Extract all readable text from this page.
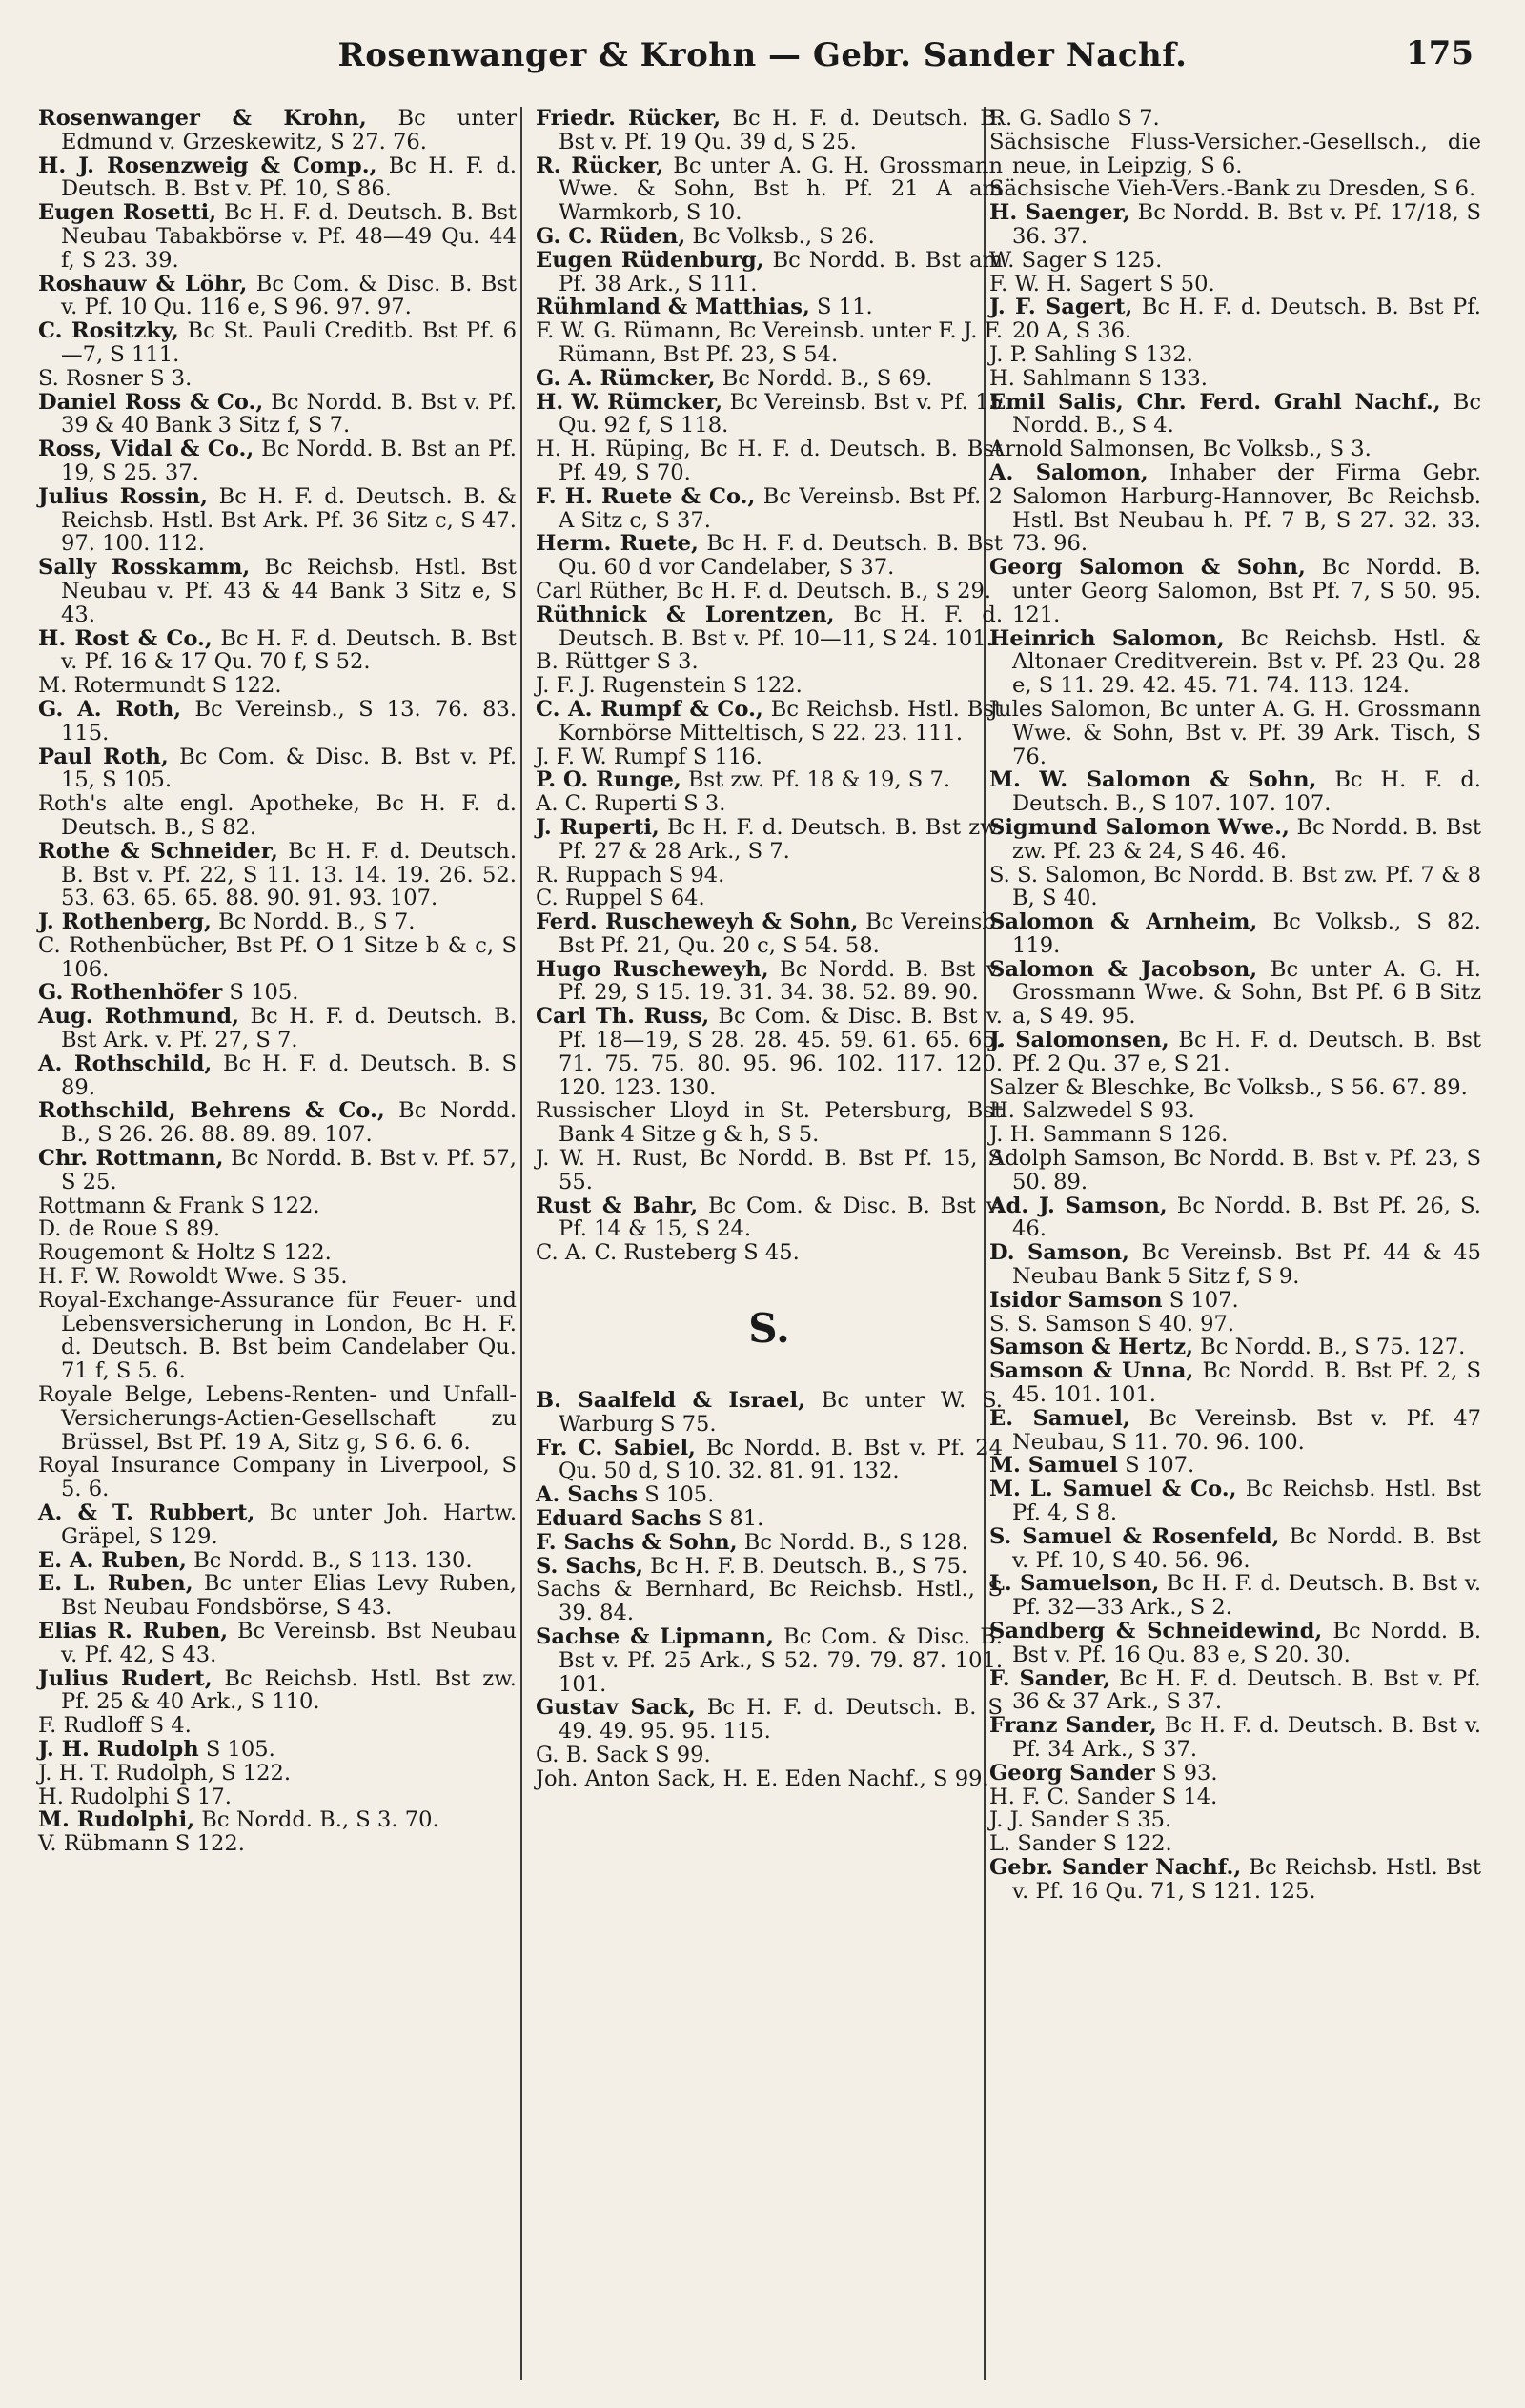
Rosenwanger & Krohn — Gebr. Sander Nachf.	175

Rosenwanger & Krohn, Bc unter Edmund v. Grzeskewitz, S 27. 76.

H. J. Rosenzweig & Comp., Bc H. F. d. Deutsch. B. Bst v. Pf. 10, S 86.

Eugen Rosetti, Bc H. F. d. Deutsch. B. Bst Neubau Tabakbörse v. Pf. 48—49 Qu. 44 f, S 23. 39.

Roshauw & Löhr, Bc Com. & Disc. B. Bst v. Pf. 10 Qu. 116 e, S 96. 97. 97.

C. Rositzky, Bc St. Pauli Creditb. Bst Pf. 6—7, S 111.

S. Rosner S 3.

Daniel Ross & Co., Bc Nordd. B. Bst v. Pf. 39 & 40 Bank 3 Sitz f, S 7.

Ross, Vidal & Co., Bc Nordd. B. Bst an Pf. 19, S 25. 37.

Julius Rossin, Bc H. F. d. Deutsch. B. & Reichsb. Hstl. Bst Ark. Pf. 36 Sitz c, S 47. 97. 100. 112.

Sally Rosskamm, Bc Reichsb. Hstl. Bst Neubau v. Pf. 43 & 44 Bank 3 Sitz e, S 43.

H. Rost & Co., Bc H. F. d. Deutsch. B. Bst v. Pf. 16 & 17 Qu. 70 f, S 52.

M. Rotermundt S 122.

G. A. Roth, Bc Vereinsb., S 13. 76. 83. 115.

Paul Roth, Bc Com. & Disc. B. Bst v. Pf. 15, S 105.

Roth's alte engl. Apotheke, Bc H. F. d. Deutsch. B., S 82.

Rothe & Schneider, Bc H. F. d. Deutsch. B. Bst v. Pf. 22, S 11. 13. 14. 19. 26. 52. 53. 63. 65. 65. 88. 90. 91. 93. 107.

J. Rothenberg, Bc Nordd. B., S 7.

C. Rothenbücher, Bst Pf. O 1 Sitze b & c, S 106.

G. Rothenhöfer S 105.

Aug. Rothmund, Bc H. F. d. Deutsch. B. Bst Ark. v. Pf. 27, S 7.

A. Rothschild, Bc H. F. d. Deutsch. B. S 89.

Rothschild, Behrens & Co., Bc Nordd. B., S 26. 26. 88. 89. 89. 107.

Chr. Rottmann, Bc Nordd. B. Bst v. Pf. 57, S 25.

Rottmann & Frank S 122.

D. de Roue S 89.

Rougemont & Holtz S 122.

H. F. W. Rowoldt Wwe. S 35.

Royal-Exchange-Assurance für Feuer- und Lebensversicherung in London, Bc H. F. d. Deutsch. B. Bst beim Candelaber Qu. 71 f, S 5. 6.

Royale Belge, Lebens-Renten- und Unfall-Versicherungs-Actien-Gesellschaft zu Brüssel, Bst Pf. 19 A, Sitz g, S 6. 6. 6.

Royal Insurance Company in Liverpool, S 5. 6.

A. & T. Rubbert, Bc unter Joh. Hartw. Gräpel, S 129.

E. A. Ruben, Bc Nordd. B., S 113. 130.

E. L. Ruben, Bc unter Elias Levy Ruben, Bst Neubau Fondsbörse, S 43.

Elias R. Ruben, Bc Vereinsb. Bst Neubau v. Pf. 42, S 43.

Julius Rudert, Bc Reichsb. Hstl. Bst zw. Pf. 25 & 40 Ark., S 110.

F. Rudloff S 4.

J. H. Rudolph S 105.

J. H. T. Rudolph, S 122.

H. Rudolphi S 17.

M. Rudolphi, Bc Nordd. B., S 3. 70.

V. Rübmann S 122.

Friedr. Rücker, Bc H. F. d. Deutsch. B. Bst v. Pf. 19 Qu. 39 d, S 25.

R. Rücker, Bc unter A. G. H. Grossmann Wwe. & Sohn, Bst h. Pf. 21 A am Warmkorb, S 10.

G. C. Rüden, Bc Volksb., S 26.

Eugen Rüdenburg, Bc Nordd. B. Bst am Pf. 38 Ark., S 111.

Rühmland & Matthias, S 11.

F. W. G. Rümann, Bc Vereinsb. unter F. J. F. Rümann, Bst Pf. 23, S 54.

G. A. Rümcker, Bc Nordd. B., S 69.

H. W. Rümcker, Bc Vereinsb. Bst v. Pf. 15 Qu. 92 f, S 118.

H. H. Rüping, Bc H. F. d. Deutsch. B. Bst Pf. 49, S 70.

F. H. Ruete & Co., Bc Vereinsb. Bst Pf. 2 A Sitz c, S 37.

Herm. Ruete, Bc H. F. d. Deutsch. B. Bst Qu. 60 d vor Candelaber, S 37.

Carl Rüther, Bc H. F. d. Deutsch. B., S 29.

Rüthnick & Lorentzen, Bc H. F. d. Deutsch. B. Bst v. Pf. 10—11, S 24. 101.

B. Rüttger S 3.

J. F. J. Rugenstein S 122.

C. A. Rumpf & Co., Bc Reichsb. Hstl. Bst Kornbörse Mitteltisch, S 22. 23. 111.

J. F. W. Rumpf S 116.

P. O. Runge, Bst zw. Pf. 18 & 19, S 7.

A. C. Ruperti S 3.

J. Ruperti, Bc H. F. d. Deutsch. B. Bst zw. Pf. 27 & 28 Ark., S 7.

R. Ruppach S 94.

C. Ruppel S 64.

Ferd. Ruscheweyh & Sohn, Bc Vereinsb. Bst Pf. 21, Qu. 20 c, S 54. 58.

Hugo Ruscheweyh, Bc Nordd. B. Bst v. Pf. 29, S 15. 19. 31. 34. 38. 52. 89. 90.

Carl Th. Russ, Bc Com. & Disc. B. Bst v. Pf. 18—19, S 28. 28. 45. 59. 61. 65. 65. 71. 75. 75. 80. 95. 96. 102. 117. 120. 120. 123. 130.

Russischer Lloyd in St. Petersburg, Bst Bank 4 Sitze g & h, S 5.

J. W. H. Rust, Bc Nordd. B. Bst Pf. 15, S 55.

Rust & Bahr, Bc Com. & Disc. B. Bst v. Pf. 14 & 15, S 24.

C. A. C. Rusteberg S 45.

S.

B. Saalfeld & Israel, Bc unter W. S. Warburg S 75.

Fr. C. Sabiel, Bc Nordd. B. Bst v. Pf. 24 Qu. 50 d, S 10. 32. 81. 91. 132.

A. Sachs S 105.

Eduard Sachs S 81.

F. Sachs & Sohn, Bc Nordd. B., S 128.

S. Sachs, Bc H. F. B. Deutsch. B., S 75.

Sachs & Bernhard, Bc Reichsb. Hstl., S 39. 84.

Sachse & Lipmann, Bc Com. & Disc. B. Bst v. Pf. 25 Ark., S 52. 79. 79. 87. 101. 101.

Gustav Sack, Bc H. F. d. Deutsch. B. S 49. 49. 95. 95. 115.

G. B. Sack S 99.

Joh. Anton Sack, H. E. Eden Nachf., S 99.

R. G. Sadlo S 7.

Sächsische Fluss-Versicher.-Gesellsch., die neue, in Leipzig, S 6.

Sächsische Vieh-Vers.-Bank zu Dresden, S 6.

H. Saenger, Bc Nordd. B. Bst v. Pf. 17/18, S 36. 37.

W. Sager S 125.

F. W. H. Sagert S 50.

J. F. Sagert, Bc H. F. d. Deutsch. B. Bst Pf. 20 A, S 36.

J. P. Sahling S 132.

H. Sahlmann S 133.

Emil Salis, Chr. Ferd. Grahl Nachf., Bc Nordd. B., S 4.

Arnold Salmonsen, Bc Volksb., S 3.

A. Salomon, Inhaber der Firma Gebr. Salomon Harburg-Hannover, Bc Reichsb. Hstl. Bst Neubau h. Pf. 7 B, S 27. 32. 33. 73. 96.

Georg Salomon & Sohn, Bc Nordd. B. unter Georg Salomon, Bst Pf. 7, S 50. 95. 121.

Heinrich Salomon, Bc Reichsb. Hstl. & Altonaer Creditverein. Bst v. Pf. 23 Qu. 28 e, S 11. 29. 42. 45. 71. 74. 113. 124.

Jules Salomon, Bc unter A. G. H. Grossmann Wwe. & Sohn, Bst v. Pf. 39 Ark. Tisch, S 76.

M. W. Salomon & Sohn, Bc H. F. d. Deutsch. B., S 107. 107. 107.

Sigmund Salomon Wwe., Bc Nordd. B. Bst zw. Pf. 23 & 24, S 46. 46.

S. S. Salomon, Bc Nordd. B. Bst zw. Pf. 7 & 8 B, S 40.

Salomon & Arnheim, Bc Volksb., S 82. 119.

Salomon & Jacobson, Bc unter A. G. H. Grossmann Wwe. & Sohn, Bst Pf. 6 B Sitz a, S 49. 95.

J. Salomonsen, Bc H. F. d. Deutsch. B. Bst Pf. 2 Qu. 37 e, S 21.

Salzer & Bleschke, Bc Volksb., S 56. 67. 89.

H. Salzwedel S 93.

J. H. Sammann S 126.

Adolph Samson, Bc Nordd. B. Bst v. Pf. 23, S 50. 89.

Ad. J. Samson, Bc Nordd. B. Bst Pf. 26, S. 46.

D. Samson, Bc Vereinsb. Bst Pf. 44 & 45 Neubau Bank 5 Sitz f, S 9.

Isidor Samson S 107.

S. S. Samson S 40. 97.

Samson & Hertz, Bc Nordd. B., S 75. 127.

Samson & Unna, Bc Nordd. B. Bst Pf. 2, S 45. 101. 101.

E. Samuel, Bc Vereinsb. Bst v. Pf. 47 Neubau, S 11. 70. 96. 100.

M. Samuel S 107.

M. L. Samuel & Co., Bc Reichsb. Hstl. Bst Pf. 4, S 8.

S. Samuel & Rosenfeld, Bc Nordd. B. Bst v. Pf. 10, S 40. 56. 96.

L. Samuelson, Bc H. F. d. Deutsch. B. Bst v. Pf. 32—33 Ark., S 2.

Sandberg & Schneidewind, Bc Nordd. B. Bst v. Pf. 16 Qu. 83 e, S 20. 30.

F. Sander, Bc H. F. d. Deutsch. B. Bst v. Pf. 36 & 37 Ark., S 37.

Franz Sander, Bc H. F. d. Deutsch. B. Bst v. Pf. 34 Ark., S 37.

Georg Sander S 93.

H. F. C. Sander S 14.

J. J. Sander S 35.

L. Sander S 122.

Gebr. Sander Nachf., Bc Reichsb. Hstl. Bst v. Pf. 16 Qu. 71, S 121. 125.
